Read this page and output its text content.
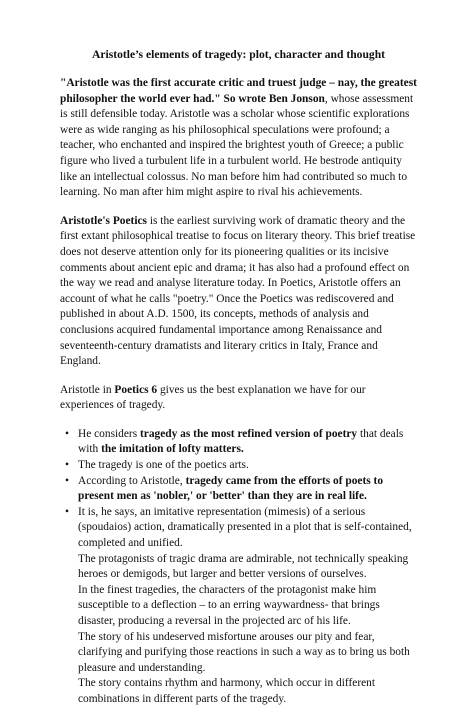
Aristotle’s elements of tragedy: plot, character and thought

"Aristotle was the first accurate critic and truest judge – nay, the greatest philosopher the world ever had." So wrote Ben Jonson, whose assessment is still defensible today. Aristotle was a scholar whose scientific explorations were as wide ranging as his philosophical speculations were profound; a teacher, who enchanted and inspired the brightest youth of Greece; a public figure who lived a turbulent life in a turbulent world. He bestrode antiquity like an intellectual colossus. No man before him had contributed so much to learning. No man after him might aspire to rival his achievements.

Aristotle's Poetics is the earliest surviving work of dramatic theory and the first extant philosophical treatise to focus on literary theory. This brief treatise does not deserve attention only for its pioneering qualities or its incisive comments about ancient epic and drama; it has also had a profound effect on the way we read and analyse literature today. In Poetics, Aristotle offers an account of what he calls "poetry." Once the Poetics was rediscovered and published in about A.D. 1500, its concepts, methods of analysis and conclusions acquired fundamental importance among Renaissance and seventeenth-century dramatists and literary critics in Italy, France and England.

Aristotle in Poetics 6 gives us the best explanation we have for our experiences of tragedy.

• He considers tragedy as the most refined version of poetry that deals with the imitation of lofty matters.
• The tragedy is one of the poetics arts.
• According to Aristotle, tragedy came from the efforts of poets to present men as 'nobler,' or 'better' than they are in real life.
• It is, he says, an imitative representation (mimesis) of a serious (spoudaios) action, dramatically presented in a plot that is self-contained, completed and unified.
The protagonists of tragic drama are admirable, not technically speaking heroes or demigods, but larger and better versions of ourselves.
In the finest tragedies, the characters of the protagonist make him susceptible to a deflection – to an erring waywardness- that brings disaster, producing a reversal in the projected arc of his life.
The story of his undeserved misfortune arouses our pity and fear, clarifying and purifying those reactions in such a way as to bring us both pleasure and understanding.
The story contains rhythm and harmony, which occur in different combinations in different parts of the tragedy.
